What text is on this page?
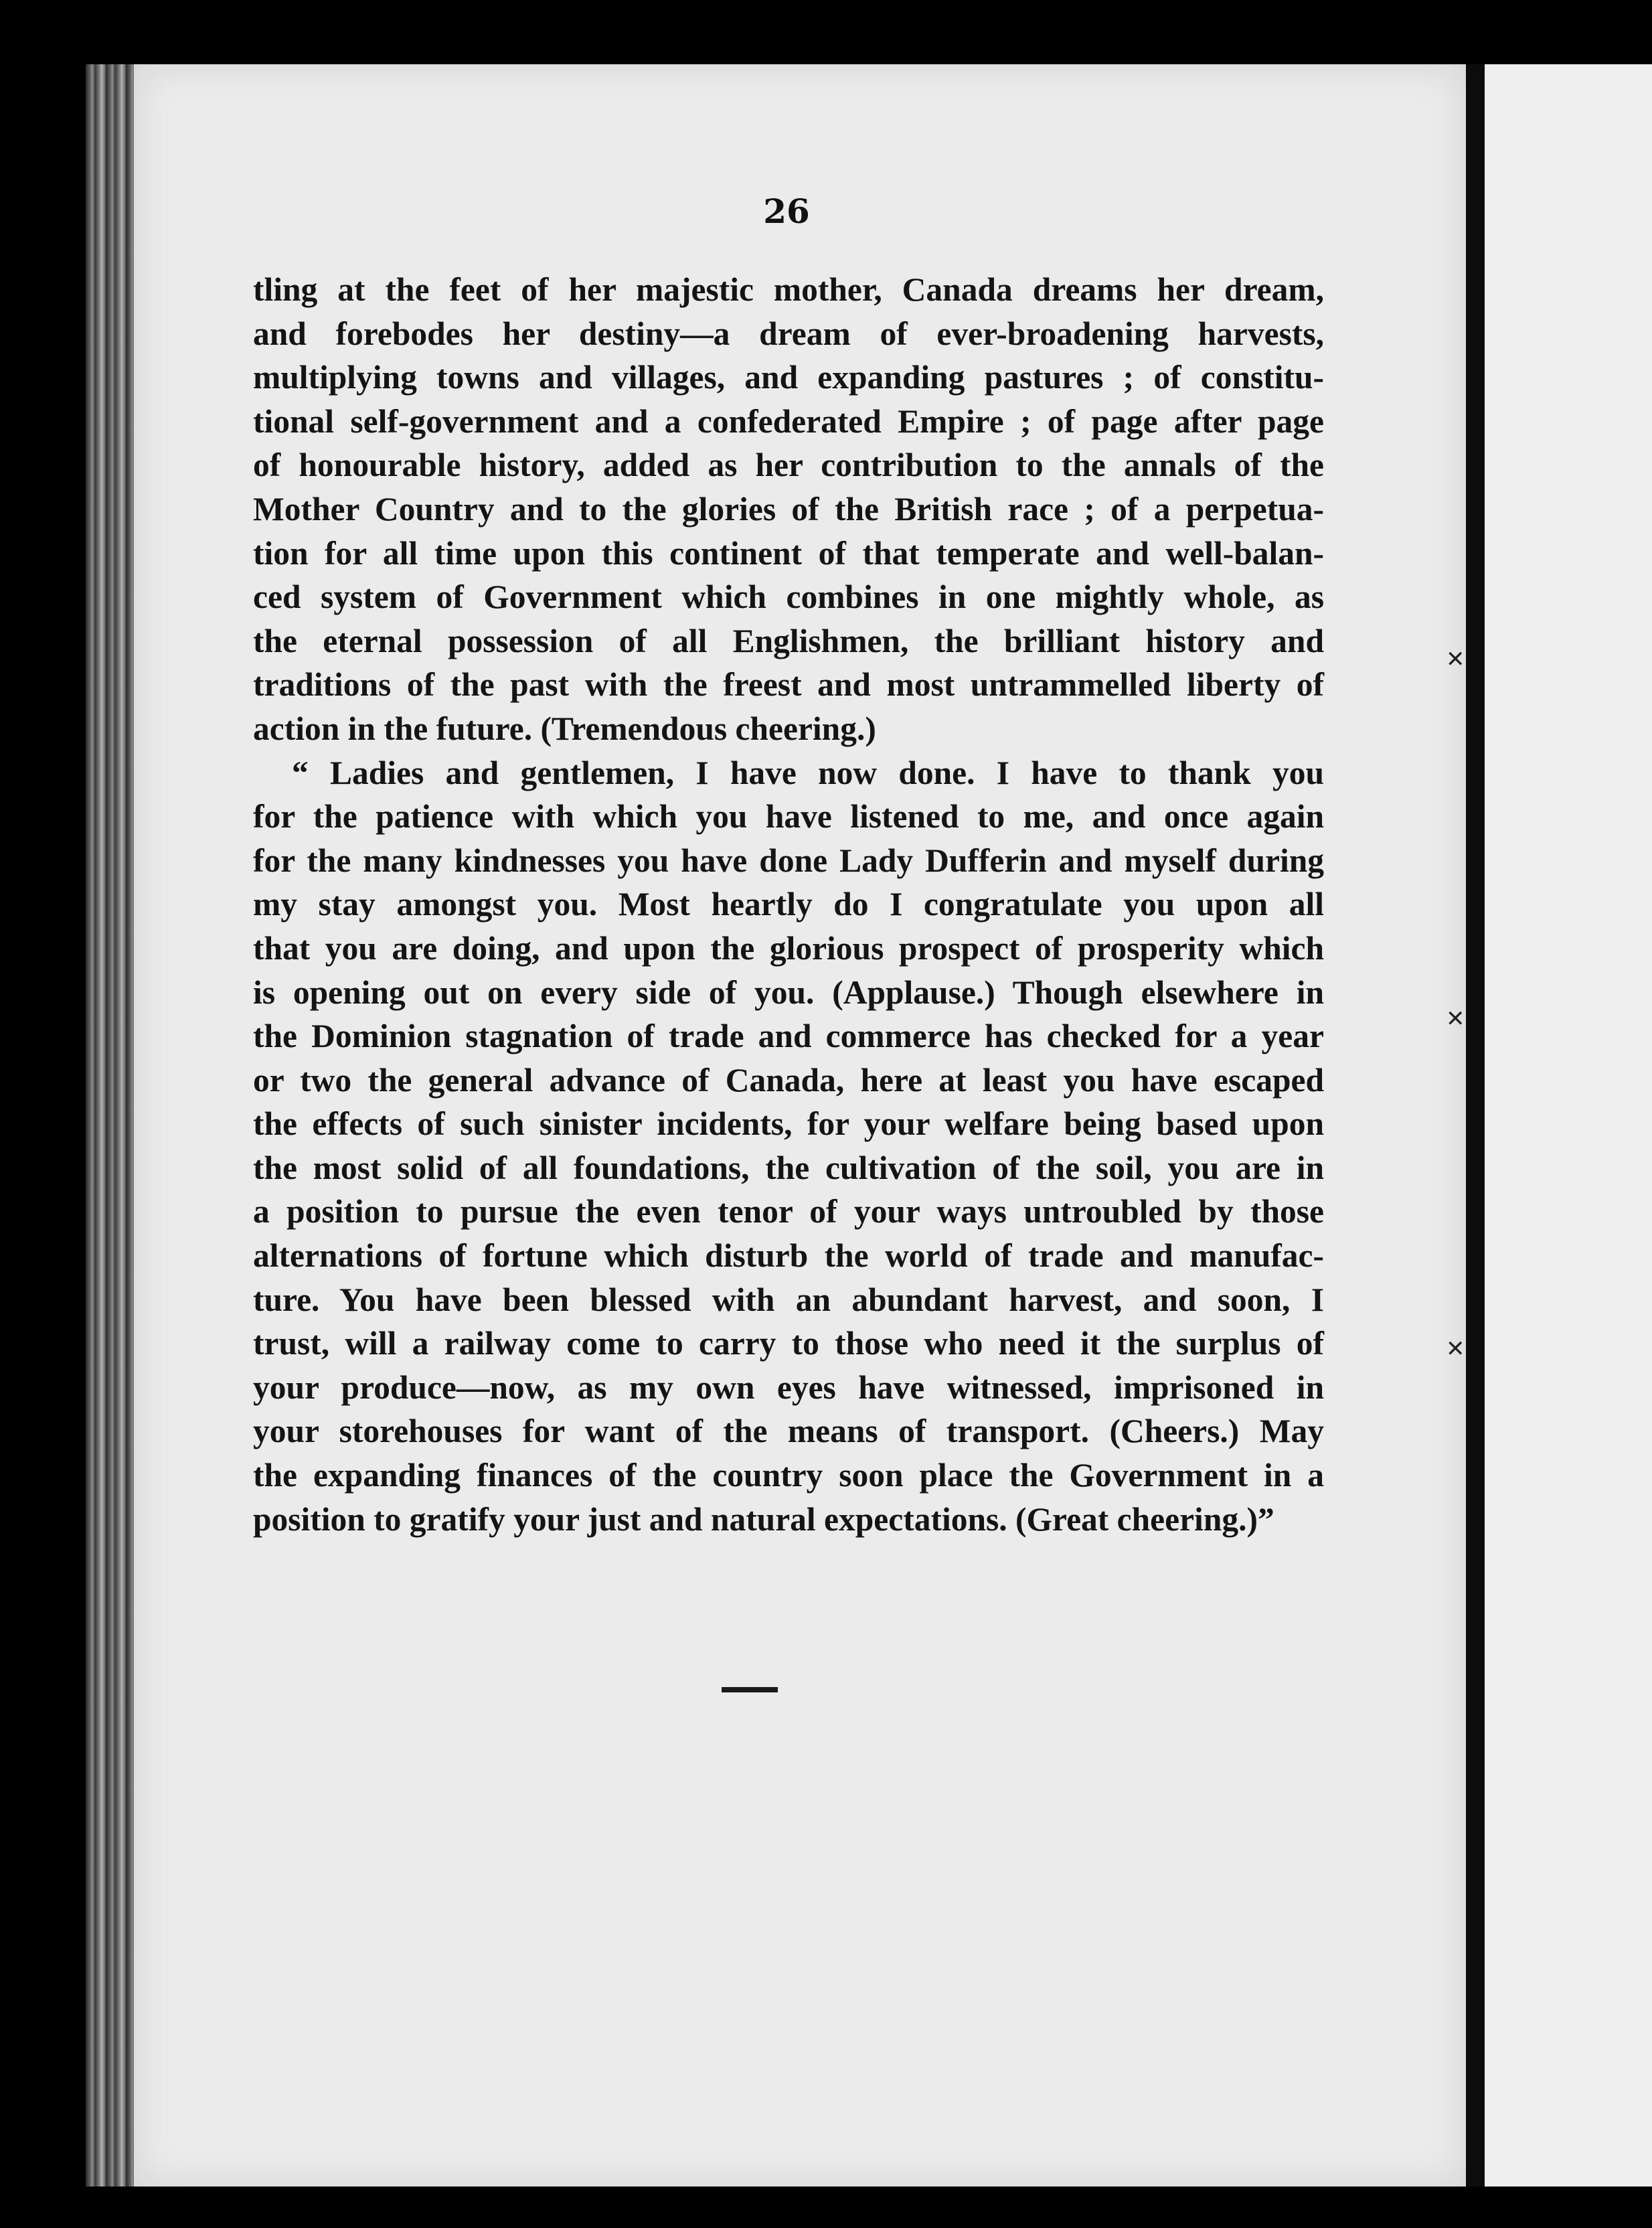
26
tling at the feet of her majestic mother, Canada dreams her dream,
and forebodes her destiny—a dream of ever-broadening harvests,
multiplying towns and villages, and expanding pastures ; of constitu-
tional self-government and a confederated Empire ; of page after page
of honourable history, added as her contribution to the annals of the
Mother Country and to the glories of the British race ; of a perpetua-
tion for all time upon this continent of that temperate and well-balan-
ced system of Government which combines in one mightly whole, as
the eternal possession of all Englishmen, the brilliant history and
traditions of the past with the freest and most untrammelled liberty of
action in the future. (Tremendous cheering.)
“ Ladies and gentlemen, I have now done. I have to thank you
for the patience with which you have listened to me, and once again
for the many kindnesses you have done Lady Dufferin and myself during
my stay amongst you. Most heartly do I congratulate you upon all
that you are doing, and upon the glorious prospect of prosperity which
is opening out on every side of you. (Applause.) Though elsewhere in
the Dominion stagnation of trade and commerce has checked for a year
or two the general advance of Canada, here at least you have escaped
the effects of such sinister incidents, for your welfare being based upon
the most solid of all foundations, the cultivation of the soil, you are in
a position to pursue the even tenor of your ways untroubled by those
alternations of fortune which disturb the world of trade and manufac-
ture. You have been blessed with an abundant harvest, and soon, I
trust, will a railway come to carry to those who need it the surplus of
your produce—now, as my own eyes have witnessed, imprisoned in
your storehouses for want of the means of transport. (Cheers.) May
the expanding finances of the country soon place the Government in a
position to gratify your just and natural expectations. (Great cheering.)”
✕
✕
✕
